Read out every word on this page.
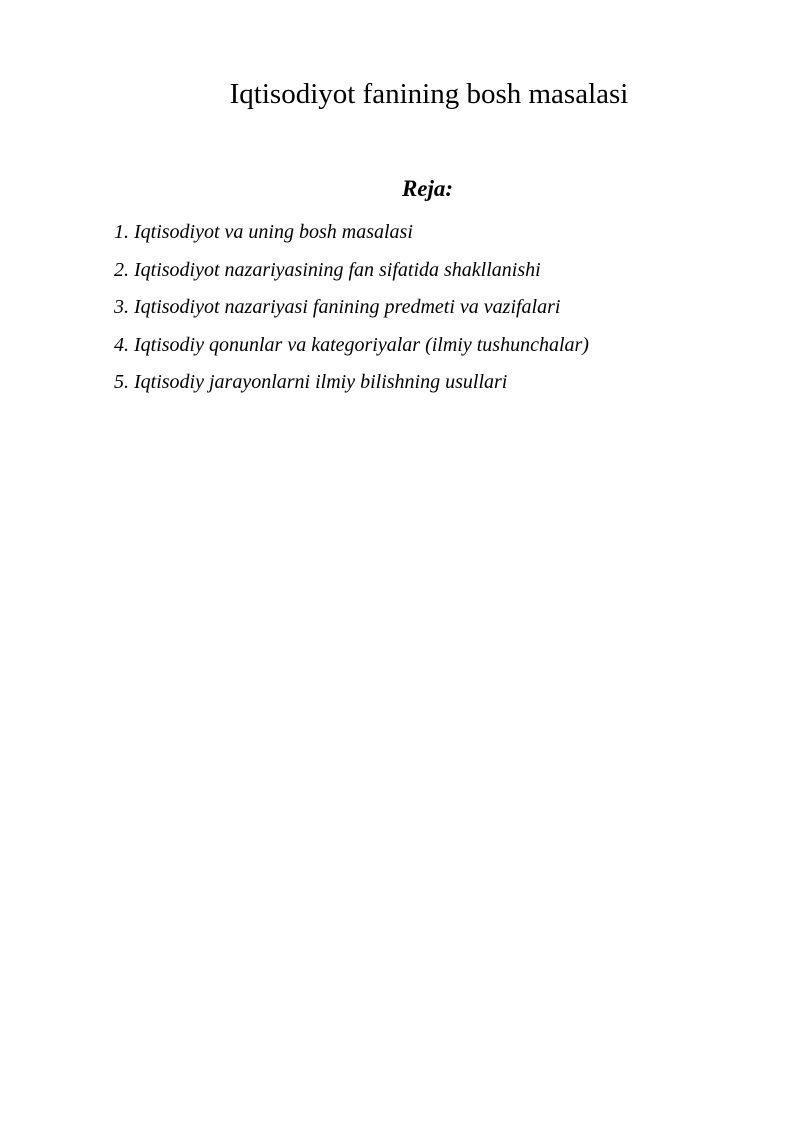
Iqtisodiyot fanining bosh masalasi
Reja:
1. Iqtisodiyot va uning bosh masalasi
2. Iqtisodiyot nazariyasining fan sifatida shakllanishi
3. Iqtisodiyot nazariyasi fanining predmeti va vazifalari
4. Iqtisodiy qonunlar va kategoriyalar (ilmiy tushunchalar)
5. Iqtisodiy jarayonlarni ilmiy bilishning usullari
